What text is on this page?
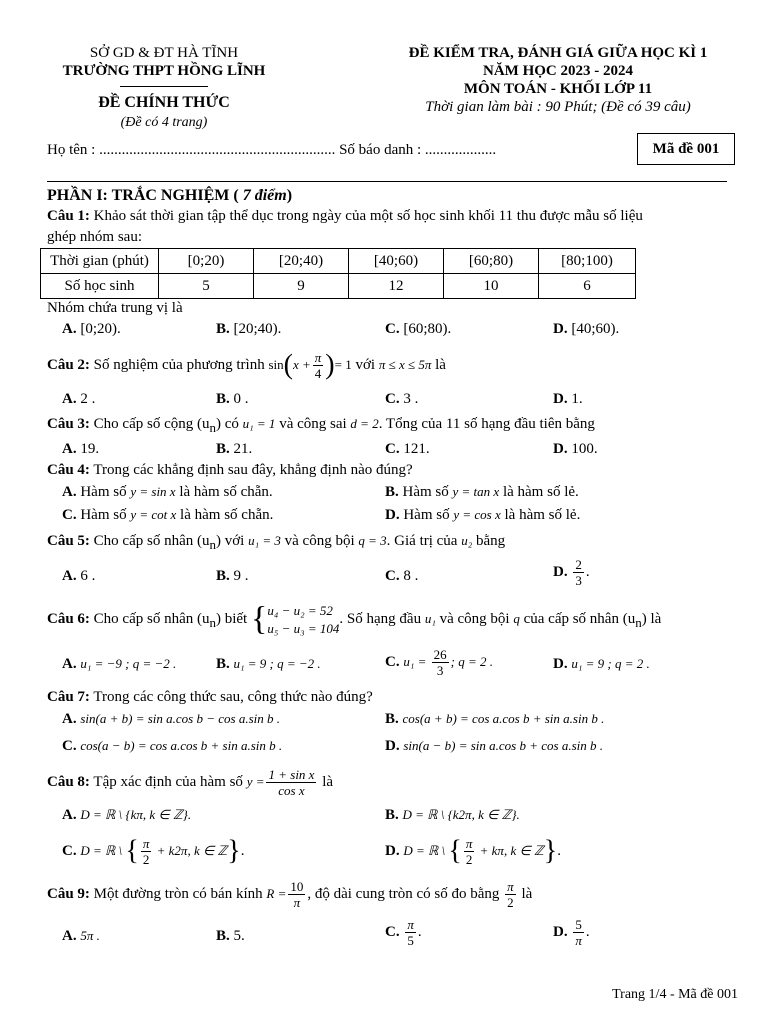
SỞ GD & ĐT HÀ TĨNH
TRƯỜNG THPT HỒNG LĨNH
ĐỀ CHÍNH THỨC
(Đề có 4 trang)
ĐỀ KIỂM TRA, ĐÁNH GIÁ GIỮA HỌC KÌ 1
NĂM HỌC 2023 - 2024
MÔN TOÁN - KHỐI LỚP 11
Thời gian làm bài : 90 Phút; (Đề có 39 câu)
Họ tên : ............................................................... Số báo danh : ...................	Mã đề 001
PHẦN I: TRẮC NGHIỆM ( 7 điểm)
Câu 1: Khảo sát thời gian tập thể dục trong ngày của một số học sinh khối 11 thu được mẫu số liệu
ghép nhóm sau:
Thời gian (phút)	[0;20)	[20;40)	[40;60)	[60;80)	[80;100)
Số học sinh	5	9	12	10	6
Nhóm chứa trung vị là
A. [0;20).	B. [20;40).	C. [60;80).	D. [40;60).
Câu 2: Số nghiệm của phương trình $\sin(x + \frac{\pi}{4}$ )= 1 với π ≤ x ≤ 5π là
A. 2 .	B. 0 .	C. 3 .	D. 1.
Câu 3: Cho cấp số cộng $(u_n)$ có u₁ = 1 và công sai d = 2. Tổng của 11 số hạng đầu tiên bằng
A. 19.	B. 21.	C. 121.	D. 100.
Câu 4: Trong các khẳng định sau đây, khẳng định nào đúng?
A. Hàm số y = sin x là hàm số chẵn.	B. Hàm số y = tan x là hàm số lẻ.
C. Hàm số y = cot x là hàm số chẵn.	D. Hàm số y = cos x là hàm số lẻ.
Câu 5: Cho cấp số nhân $(u_n)$ với u₁ = 3 và công bội q = 3. Giá trị của u₂ bằng
A. 6 .	B. 9 .	C. 8 .	D. $\frac{2}{3}$ .
Câu 6: Cho cấp số nhân $(u_n)$ biết { u₄ − u₂ = 52
u₅ − u₃ = 104
. Số hạng đầu u₁ và công bội q của cấp số nhân $(u_n)$ là
A. u₁ = −9 ; q = −2 .	B. u₁ = 9 ; q = −2 .	C. $u_1 = \frac{26}{3}$ ; q = 2 .	D. u₁ = 9 ; q = 2 .
Câu 7: Trong các công thức sau, công thức nào đúng?
A. sin(a + b) = sin a.cos b − cos a.sin b .	B. cos(a + b) = cos a.cos b + sin a.sin b .
C. cos(a − b) = cos a.cos b + sin a.sin b .	D. sin(a − b) = sin a.cos b + cos a.sin b .
Câu 8: Tập xác định của hàm số $y = \frac{\text{1 + sin x}}{\text{cos x}}$ là
A. D = ℝ \ {kπ, k ∈ ℤ}.	B. D = ℝ \ {k2π, k ∈ ℤ}.
C. D = ℝ \ { $\frac{\pi}{2} + k2\pi$, k ∈ ℤ}.	D. D = ℝ \ { $\frac{\pi}{2} + k\pi$, k ∈ ℤ}.
Câu 9: Một đường tròn có bán kính $R = \frac{10}{\pi}$ , độ dài cung tròn có số đo bằng $\frac{\pi}{2}$ là
A. 5π .	B. 5.	C. $\frac{\pi}{5}$ .	D. $\frac{5}{\pi}$ .
Trang 1/4 - Mã đề 001
